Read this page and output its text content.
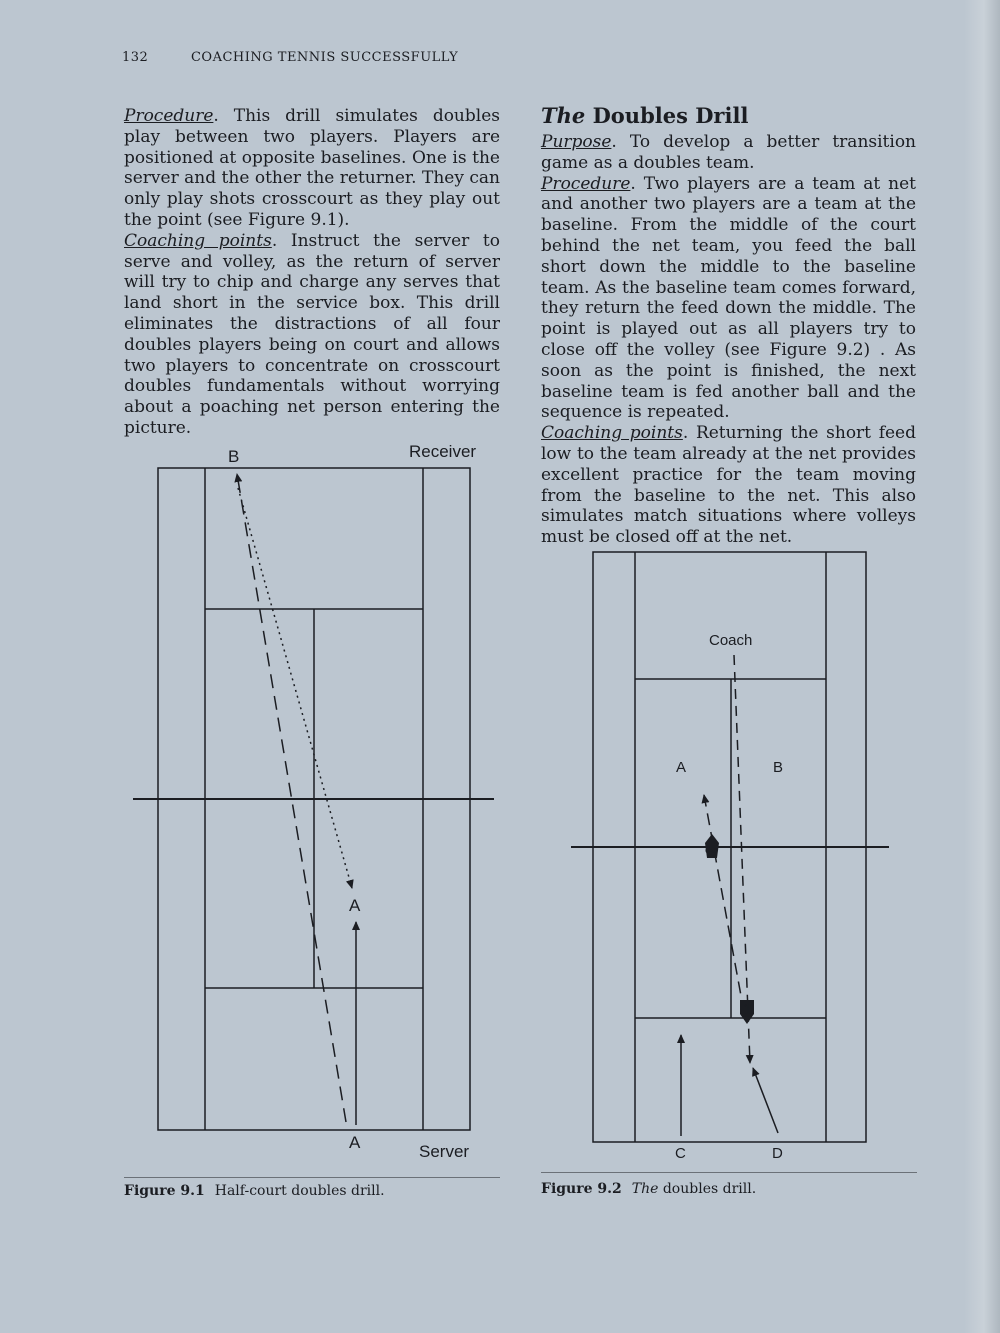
132	COACHING TENNIS SUCCESSFULLY

Procedure. This drill simulates doubles play between two players. Players are positioned at opposite baselines. One is the server and the other the returner. They can only play shots crosscourt as they play out the point (see Figure 9.1).

Coaching points. Instruct the server to serve and volley, as the return of server will try to chip and charge any serves that land short in the service box. This drill eliminates the distractions of all four doubles players being on court and allows two players to concentrate on crosscourt doubles fundamentals without worrying about a poaching net person entering the picture.

The Doubles Drill

Purpose. To develop a better transition game as a doubles team.

Procedure. Two players are a team at net and another two players are a team at the baseline. From the middle of the court behind the net team, you feed the ball short down the middle to the baseline team. As the baseline team comes forward, they return the feed down the middle. The point is played out as all players try to close off the volley (see Figure 9.2) . As soon as the point is finished, the next baseline team is fed another ball and the sequence is repeated.

Coaching points. Returning the short feed low to the team already at the net provides excellent practice for the team moving from the baseline to the net. This also simulates match situations where volleys must be closed off at the net.

B	Receiver
A
A	Server
Figure 9.1 Half-court doubles drill.
2
1
Coach
A	B
C	D
Figure 9.2 The doubles drill.
